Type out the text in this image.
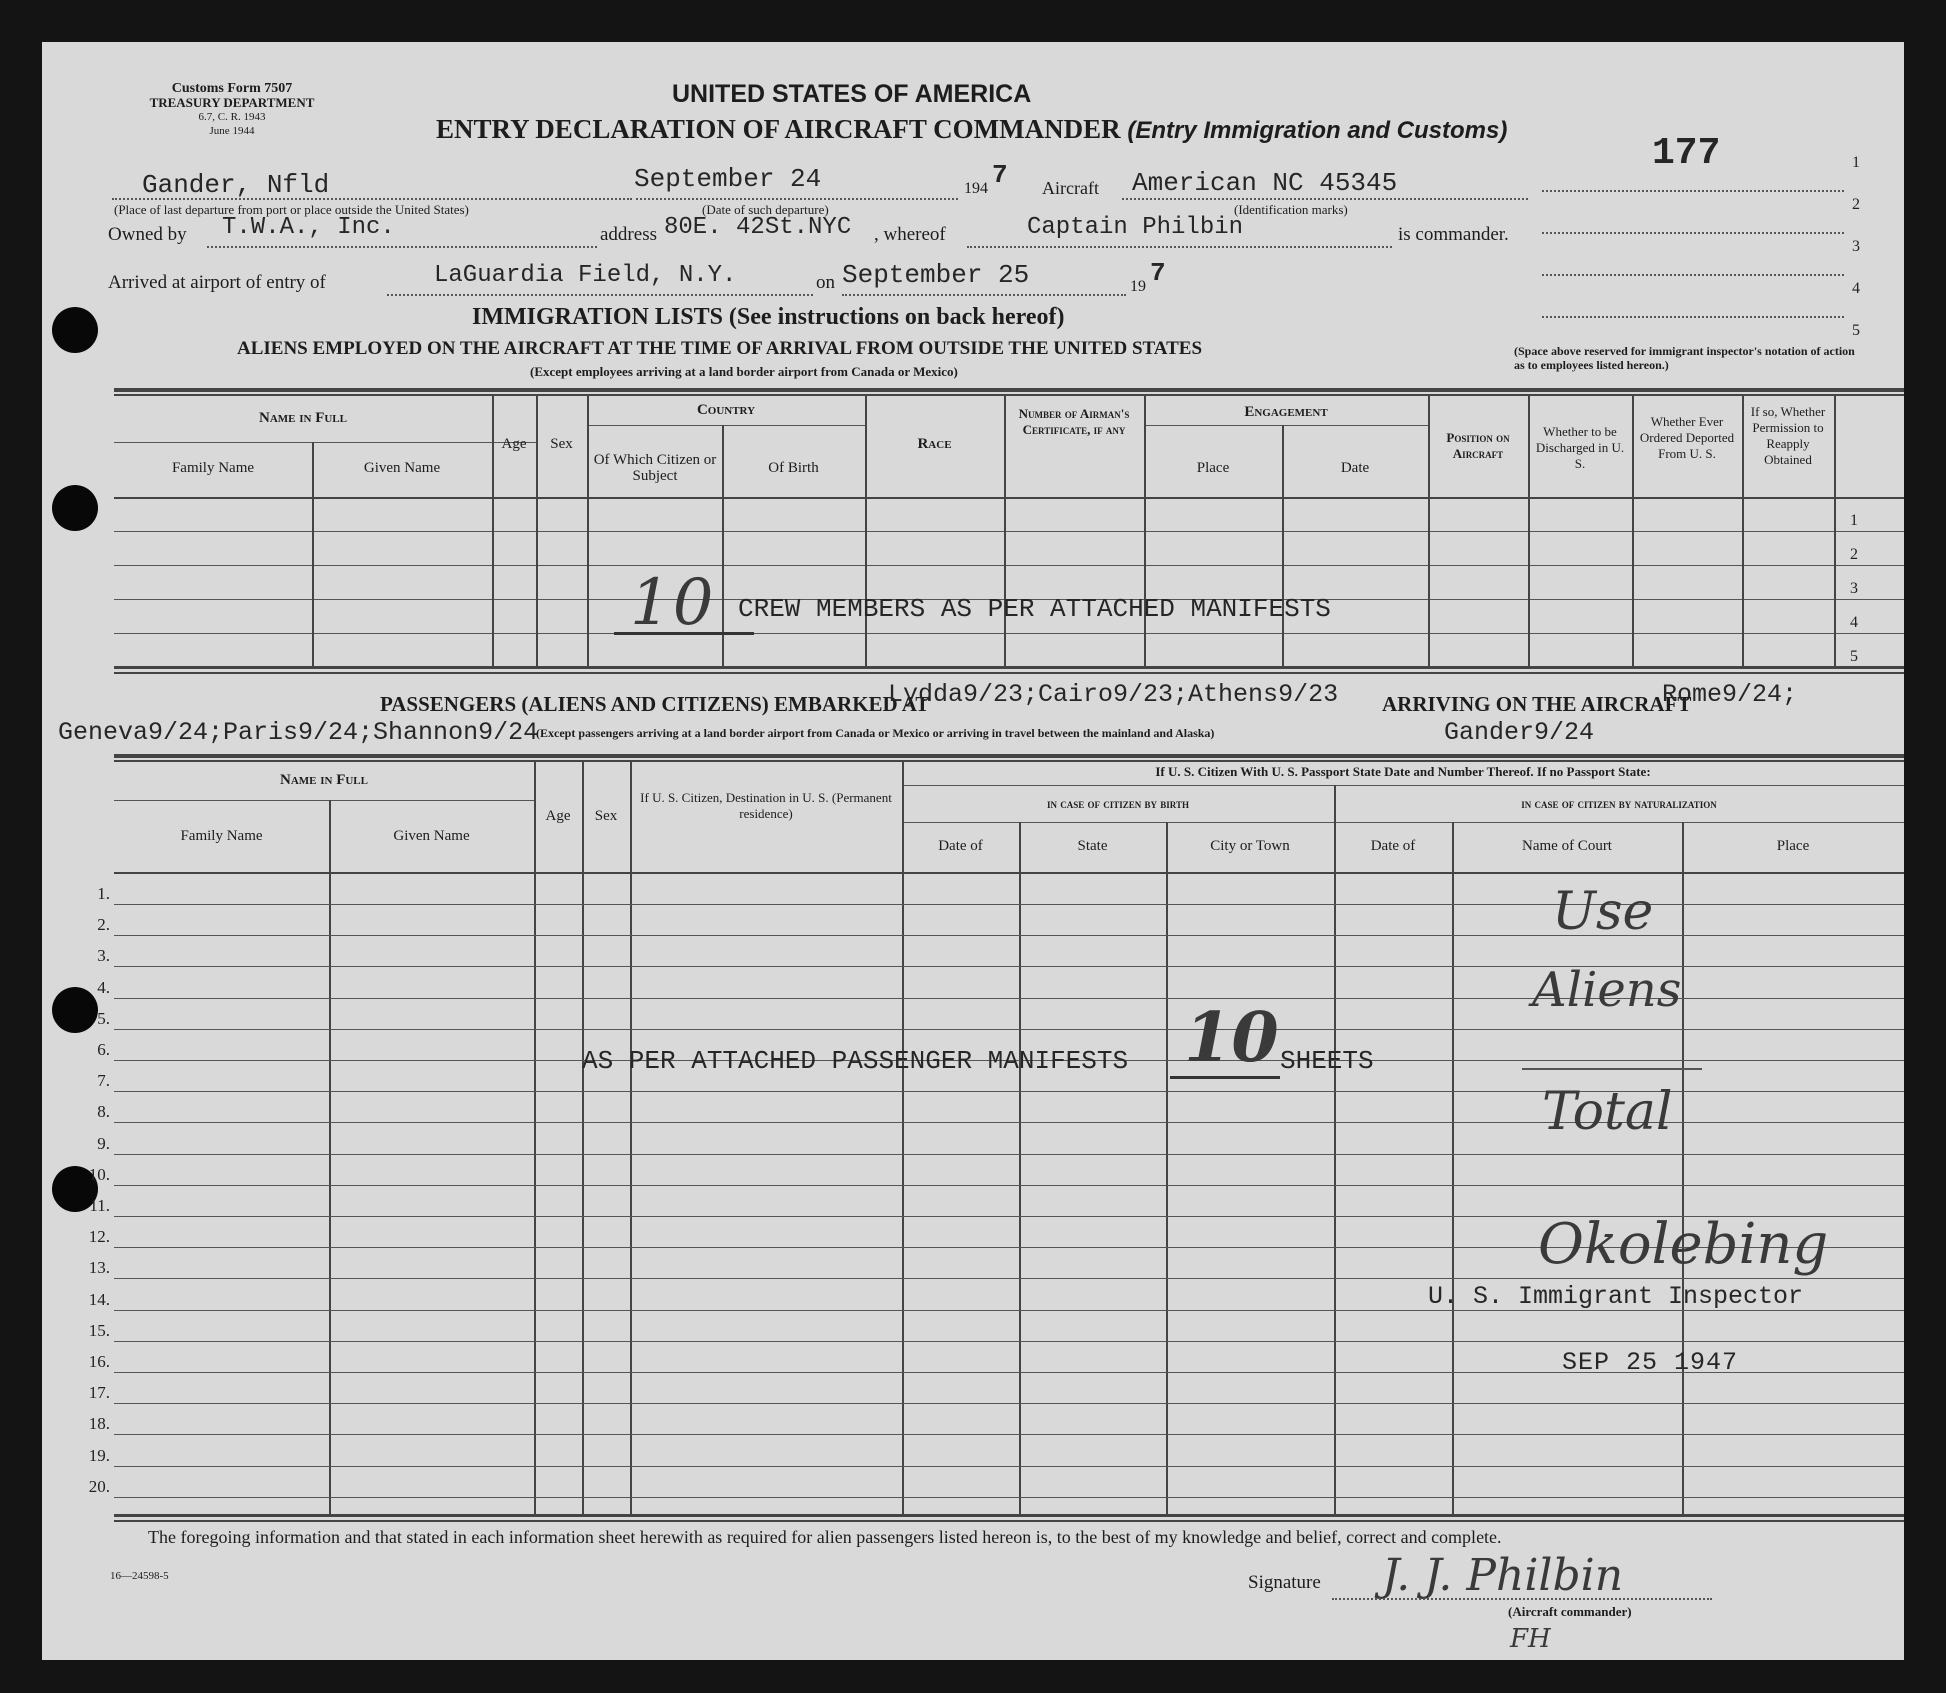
Customs Form 7507
TREASURY DEPARTMENT
6.7, C. R. 1943
June 1944
UNITED STATES OF AMERICA
ENTRY DECLARATION OF AIRCRAFT COMMANDER (Entry Immigration and Customs)
177	1
2
3
4
5
(Space above reserved for immigrant inspector's notation of action as to employees listed hereon.)
Gander, Nfld
(Place of last departure from port or place outside the United States)
September 24
(Date of such departure)
194 7 Aircraft American NC 45345
(Identification marks)
Owned by T.W.A., Inc.	address 80E. 42St.NYC , whereof	Captain Philbin	is commander.
Arrived at airport of entry of	LaGuardia Field, N.Y.	on September 25	19 7
IMMIGRATION LISTS (See instructions on back hereof)
ALIENS EMPLOYED ON THE AIRCRAFT AT THE TIME OF ARRIVAL FROM OUTSIDE THE UNITED STATES
(Except employees arriving at a land border airport from Canada or Mexico)
Name in Full
Family Name	Given Name
Age	Sex
Country
Of Which Citizen or Subject	Of Birth
Race
Number of Airman's Certificate, if any
Engagement
Place	Date
Position on Aircraft
Whether to be Discharged in U. S.
Whether Ever Ordered Deported From U. S.
If so, Whether Permission to Reapply Obtained
1
2
3
4
5
10 CREW MEMBERS AS PER ATTACHED MANIFESTS
PASSENGERS (ALIENS AND CITIZENS) EMBARKED AT
Lydda9/23;Cairo9/23;Athens9/23 ARRIVING ON THE AIRCRAFT
Rome9/24;
Geneva9/24;Paris9/24;Shannon9/24
(Except passengers arriving at a land border airport from Canada or Mexico or arriving in travel between the mainland and Alaska)	Gander9/24
Name in Full
Family Name	Given Name
Age	Sex
If U. S. Citizen, Destination in U. S. (Permanent residence)
If U. S. Citizen With U. S. Passport State Date and Number Thereof. If no Passport State:
in case of citizen by birth	in case of citizen by naturalization
Date of	State	City or Town	Date of	Name of Court	Place
1.
2.
3.
4.
5.
6.
7.
8.
9.
10.
11.
12.
13.
14.
15.
16.
17.
18.
19.
20.
AS PER ATTACHED PASSENGER MANIFESTS 10 SHEETS
Use
Aliens
Total
Okolebing
U. S. Immigrant Inspector
SEP 25 1947
The foregoing information and that stated in each information sheet herewith as required for alien passengers listed hereon is, to the best of my knowledge and belief, correct and complete.
16—24598-5	Signature J. J. Philbin
(Aircraft commander)
FH
